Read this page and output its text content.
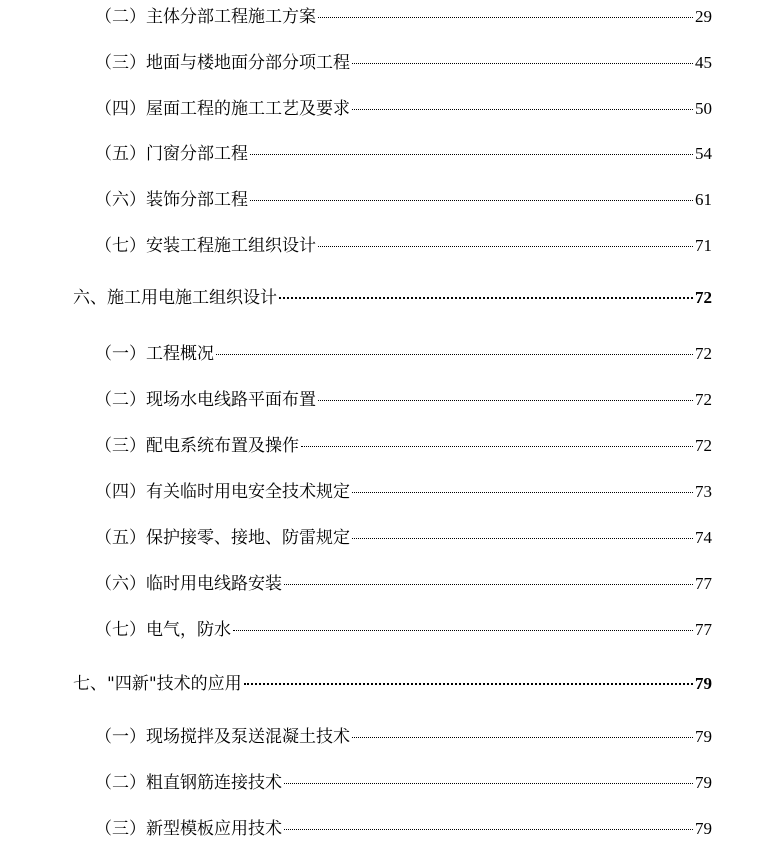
（二）主体分部工程施工方案	29
（三）地面与楼地面分部分项工程	45
（四）屋面工程的施工工艺及要求	50
（五）门窗分部工程	54
（六）装饰分部工程	61
（七）安装工程施工组织设计	71
六、施工用电施工组织设计	72
（一）工程概况	72
（二）现场水电线路平面布置	72
（三）配电系统布置及操作	72
（四）有关临时用电安全技术规定	73
（五）保护接零、接地、防雷规定	74
（六）临时用电线路安装	77
（七）电气，防水	77
七、"四新"技术的应用	79
（一）现场搅拌及泵送混凝土技术	79
（二）粗直钢筋连接技术	79
（三）新型模板应用技术	79
